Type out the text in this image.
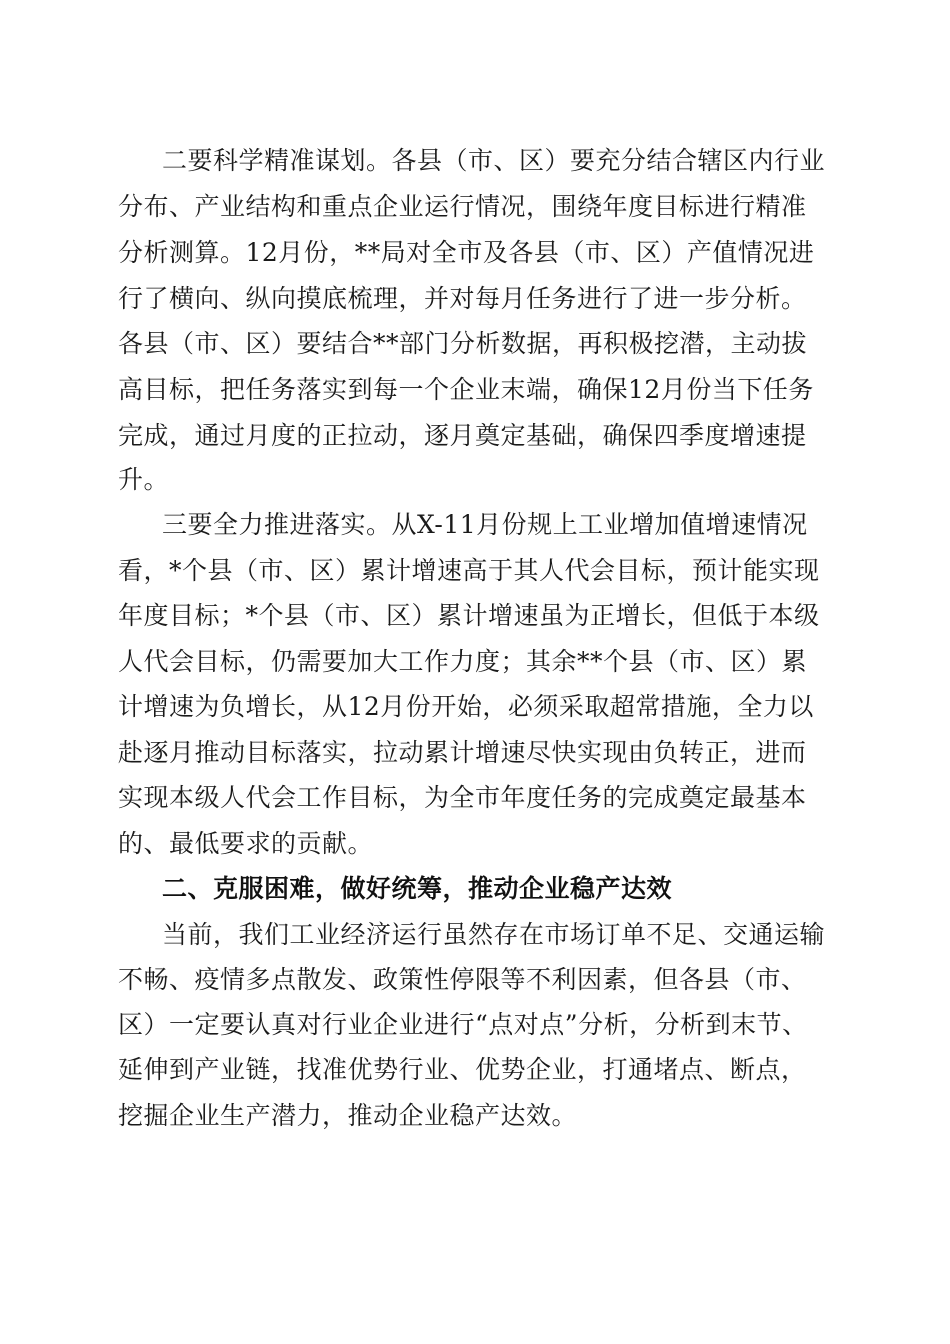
二要科学精准谋划。各县（市、区）要充分结合辖区内行业
分布、产业结构和重点企业运行情况，围绕年度目标进行精准
分析测算。12月份，**局对全市及各县（市、区）产值情况进
行了横向、纵向摸底梳理，并对每月任务进行了进一步分析。
各县（市、区）要结合**部门分析数据，再积极挖潜，主动拔
高目标，把任务落实到每一个企业末端，确保12月份当下任务
完成，通过月度的正拉动，逐月奠定基础，确保四季度增速提
升。
三要全力推进落实。从X-11月份规上工业增加值增速情况
看，*个县（市、区）累计增速高于其人代会目标，预计能实现
年度目标；*个县（市、区）累计增速虽为正增长，但低于本级
人代会目标，仍需要加大工作力度；其余**个县（市、区）累
计增速为负增长，从12月份开始，必须采取超常措施，全力以
赴逐月推动目标落实，拉动累计增速尽快实现由负转正，进而
实现本级人代会工作目标，为全市年度任务的完成奠定最基本
的、最低要求的贡献。
二、克服困难，做好统筹，推动企业稳产达效
当前，我们工业经济运行虽然存在市场订单不足、交通运输
不畅、疫情多点散发、政策性停限等不利因素，但各县（市、
区）一定要认真对行业企业进行“点对点”分析，分析到末节、
延伸到产业链，找准优势行业、优势企业，打通堵点、断点，
挖掘企业生产潜力，推动企业稳产达效。
